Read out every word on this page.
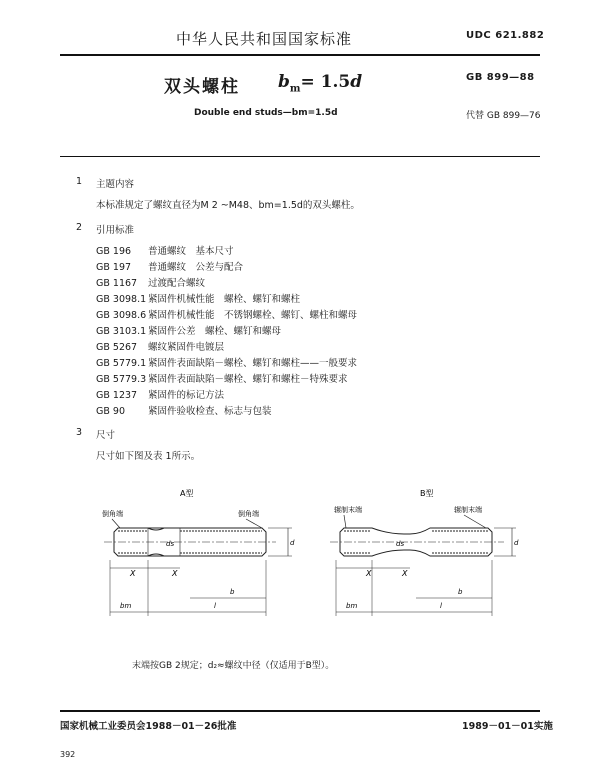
中华人民共和国国家标准	UDC 621.882
双头螺柱 $b_m= 1.5d$	GB 899—88
Double end studs—bm=1.5d	代替 GB 899—76
1 主题内容
本标准规定了螺纹直径为M 2 ~M48、bm=1.5d的双头螺柱。
2 引用标准
GB 196 普通螺纹　基本尺寸
GB 197 普通螺纹　公差与配合
GB 1167 过渡配合螺纹
GB 3098.1 紧固件机械性能　螺栓、螺钉和螺柱
GB 3098.6 紧固件机械性能　不锈钢螺栓、螺钉、螺柱和螺母
GB 3103.1 紧固件公差　螺栓、螺钉和螺母
GB 5267 螺纹紧固件电镀层
GB 5779.1 紧固件表面缺陷－螺栓、螺钉和螺柱——一般要求
GB 5779.3 紧固件表面缺陷－螺栓、螺钉和螺柱－特殊要求
GB 1237 紧固件的标记方法
GB 90 紧固件验收检查、标志与包装
3 尺寸
尺寸如下图及表 1所示。
A型
倒角端	倒角端
ds	d
X	X
b
bm	l
B型
辗制末端	辗制末端
ds	d
X	X
b
bm	l
末端按GB 2规定；d₂≈螺纹中径（仅适用于B型）。
国家机械工业委员会1988－01－26批准	1989－01－01实施
392
